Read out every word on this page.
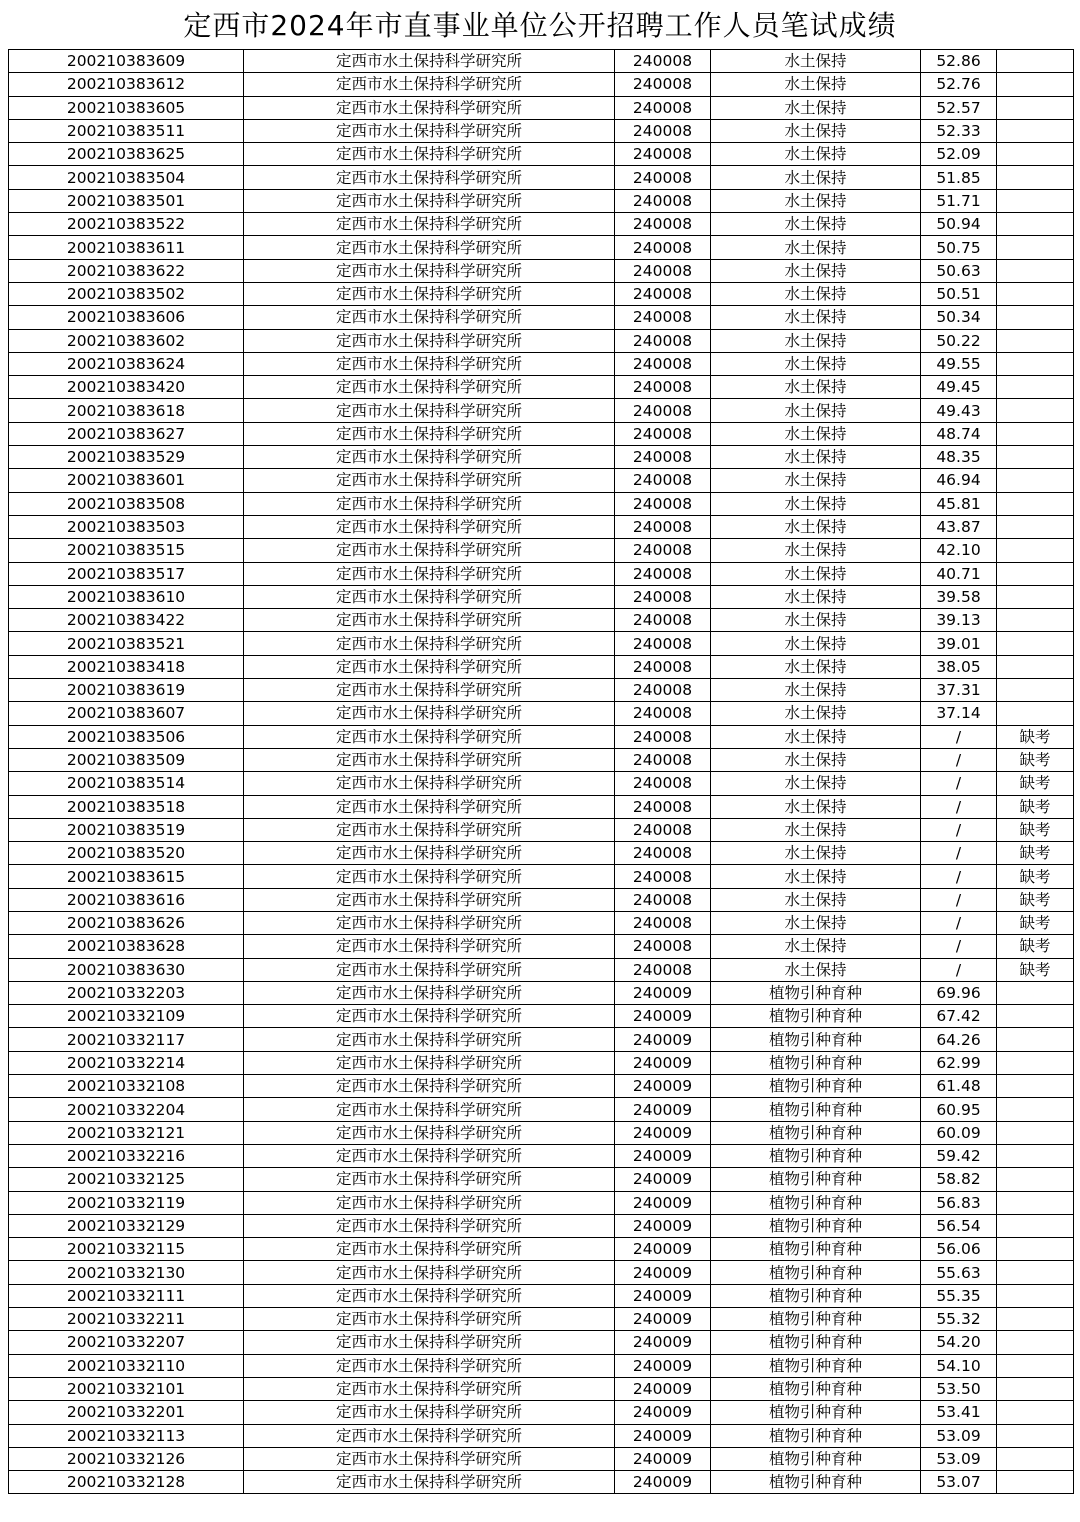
定西市2024年市直事业单位公开招聘工作人员笔试成绩
200210383609	定西市水土保持科学研究所	240008	水土保持	52.86	
200210383612	定西市水土保持科学研究所	240008	水土保持	52.76	
200210383605	定西市水土保持科学研究所	240008	水土保持	52.57	
200210383511	定西市水土保持科学研究所	240008	水土保持	52.33	
200210383625	定西市水土保持科学研究所	240008	水土保持	52.09	
200210383504	定西市水土保持科学研究所	240008	水土保持	51.85	
200210383501	定西市水土保持科学研究所	240008	水土保持	51.71	
200210383522	定西市水土保持科学研究所	240008	水土保持	50.94	
200210383611	定西市水土保持科学研究所	240008	水土保持	50.75	
200210383622	定西市水土保持科学研究所	240008	水土保持	50.63	
200210383502	定西市水土保持科学研究所	240008	水土保持	50.51	
200210383606	定西市水土保持科学研究所	240008	水土保持	50.34	
200210383602	定西市水土保持科学研究所	240008	水土保持	50.22	
200210383624	定西市水土保持科学研究所	240008	水土保持	49.55	
200210383420	定西市水土保持科学研究所	240008	水土保持	49.45	
200210383618	定西市水土保持科学研究所	240008	水土保持	49.43	
200210383627	定西市水土保持科学研究所	240008	水土保持	48.74	
200210383529	定西市水土保持科学研究所	240008	水土保持	48.35	
200210383601	定西市水土保持科学研究所	240008	水土保持	46.94	
200210383508	定西市水土保持科学研究所	240008	水土保持	45.81	
200210383503	定西市水土保持科学研究所	240008	水土保持	43.87	
200210383515	定西市水土保持科学研究所	240008	水土保持	42.10	
200210383517	定西市水土保持科学研究所	240008	水土保持	40.71	
200210383610	定西市水土保持科学研究所	240008	水土保持	39.58	
200210383422	定西市水土保持科学研究所	240008	水土保持	39.13	
200210383521	定西市水土保持科学研究所	240008	水土保持	39.01	
200210383418	定西市水土保持科学研究所	240008	水土保持	38.05	
200210383619	定西市水土保持科学研究所	240008	水土保持	37.31	
200210383607	定西市水土保持科学研究所	240008	水土保持	37.14	
200210383506	定西市水土保持科学研究所	240008	水土保持	/	缺考
200210383509	定西市水土保持科学研究所	240008	水土保持	/	缺考
200210383514	定西市水土保持科学研究所	240008	水土保持	/	缺考
200210383518	定西市水土保持科学研究所	240008	水土保持	/	缺考
200210383519	定西市水土保持科学研究所	240008	水土保持	/	缺考
200210383520	定西市水土保持科学研究所	240008	水土保持	/	缺考
200210383615	定西市水土保持科学研究所	240008	水土保持	/	缺考
200210383616	定西市水土保持科学研究所	240008	水土保持	/	缺考
200210383626	定西市水土保持科学研究所	240008	水土保持	/	缺考
200210383628	定西市水土保持科学研究所	240008	水土保持	/	缺考
200210383630	定西市水土保持科学研究所	240008	水土保持	/	缺考
200210332203	定西市水土保持科学研究所	240009	植物引种育种	69.96	
200210332109	定西市水土保持科学研究所	240009	植物引种育种	67.42	
200210332117	定西市水土保持科学研究所	240009	植物引种育种	64.26	
200210332214	定西市水土保持科学研究所	240009	植物引种育种	62.99	
200210332108	定西市水土保持科学研究所	240009	植物引种育种	61.48	
200210332204	定西市水土保持科学研究所	240009	植物引种育种	60.95	
200210332121	定西市水土保持科学研究所	240009	植物引种育种	60.09	
200210332216	定西市水土保持科学研究所	240009	植物引种育种	59.42	
200210332125	定西市水土保持科学研究所	240009	植物引种育种	58.82	
200210332119	定西市水土保持科学研究所	240009	植物引种育种	56.83	
200210332129	定西市水土保持科学研究所	240009	植物引种育种	56.54	
200210332115	定西市水土保持科学研究所	240009	植物引种育种	56.06	
200210332130	定西市水土保持科学研究所	240009	植物引种育种	55.63	
200210332111	定西市水土保持科学研究所	240009	植物引种育种	55.35	
200210332211	定西市水土保持科学研究所	240009	植物引种育种	55.32	
200210332207	定西市水土保持科学研究所	240009	植物引种育种	54.20	
200210332110	定西市水土保持科学研究所	240009	植物引种育种	54.10	
200210332101	定西市水土保持科学研究所	240009	植物引种育种	53.50	
200210332201	定西市水土保持科学研究所	240009	植物引种育种	53.41	
200210332113	定西市水土保持科学研究所	240009	植物引种育种	53.09	
200210332126	定西市水土保持科学研究所	240009	植物引种育种	53.09	
200210332128	定西市水土保持科学研究所	240009	植物引种育种	53.07	
